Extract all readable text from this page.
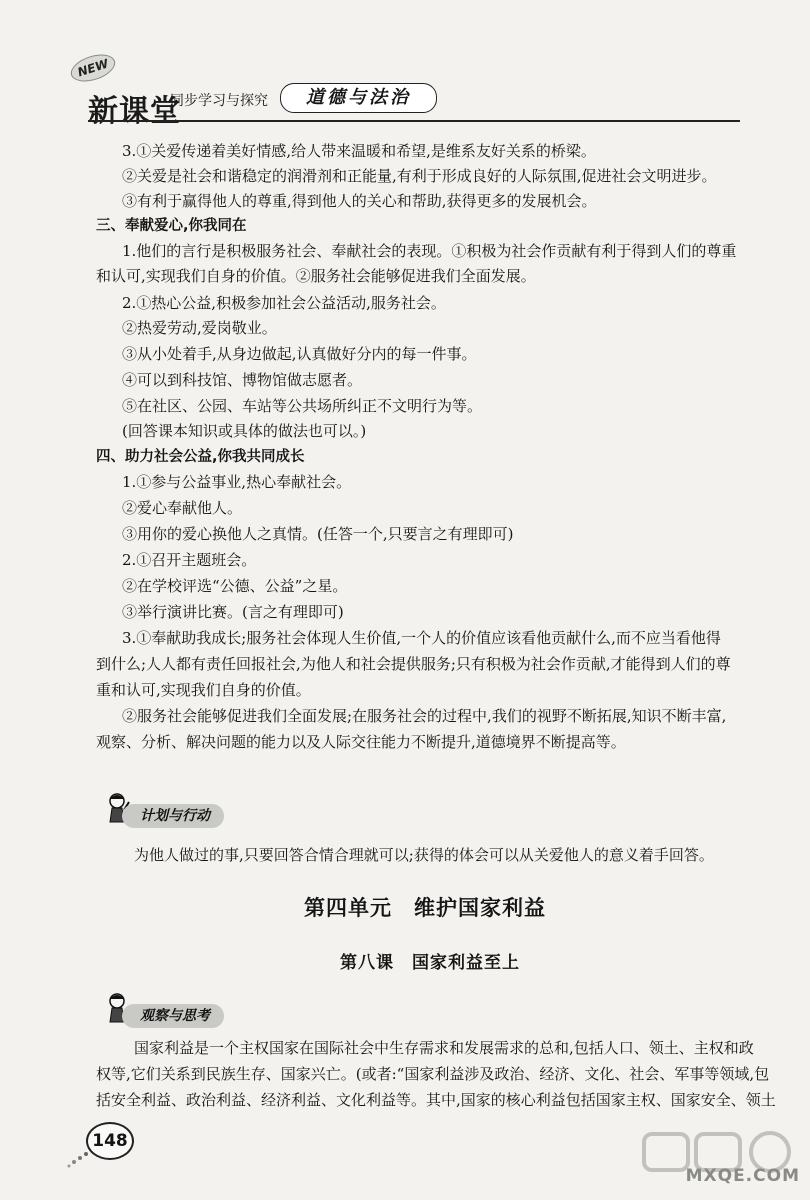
NEW
新课堂
同步学习与探究	道德与法治
3.①关爱传递着美好情感,给人带来温暖和希望,是维系友好关系的桥梁。
②关爱是社会和谐稳定的润滑剂和正能量,有利于形成良好的人际氛围,促进社会文明进步。
③有利于赢得他人的尊重,得到他人的关心和帮助,获得更多的发展机会。
三、奉献爱心,你我同在
1.他们的言行是积极服务社会、奉献社会的表现。①积极为社会作贡献有利于得到人们的尊重
和认可,实现我们自身的价值。②服务社会能够促进我们全面发展。
2.①热心公益,积极参加社会公益活动,服务社会。
②热爱劳动,爱岗敬业。
③从小处着手,从身边做起,认真做好分内的每一件事。
④可以到科技馆、博物馆做志愿者。
⑤在社区、公园、车站等公共场所纠正不文明行为等。
(回答课本知识或具体的做法也可以。)
四、助力社会公益,你我共同成长
1.①参与公益事业,热心奉献社会。
②爱心奉献他人。
③用你的爱心换他人之真情。(任答一个,只要言之有理即可)
2.①召开主题班会。
②在学校评选“公德、公益”之星。
③举行演讲比赛。(言之有理即可)
3.①奉献助我成长;服务社会体现人生价值,一个人的价值应该看他贡献什么,而不应当看他得
到什么;人人都有责任回报社会,为他人和社会提供服务;只有积极为社会作贡献,才能得到人们的尊
重和认可,实现我们自身的价值。
②服务社会能够促进我们全面发展;在服务社会的过程中,我们的视野不断拓展,知识不断丰富,
观察、分析、解决问题的能力以及人际交往能力不断提升,道德境界不断提高等。
计划与行动
为他人做过的事,只要回答合情合理就可以;获得的体会可以从关爱他人的意义着手回答。
第四单元　维护国家利益
第八课　国家利益至上
观察与思考
国家利益是一个主权国家在国际社会中生存需求和发展需求的总和,包括人口、领土、主权和政
权等,它们关系到民族生存、国家兴亡。(或者:“国家利益涉及政治、经济、文化、社会、军事等领域,包
括安全利益、政治利益、经济利益、文化利益等。其中,国家的核心利益包括国家主权、国家安全、领土
148
MXQE.COM
